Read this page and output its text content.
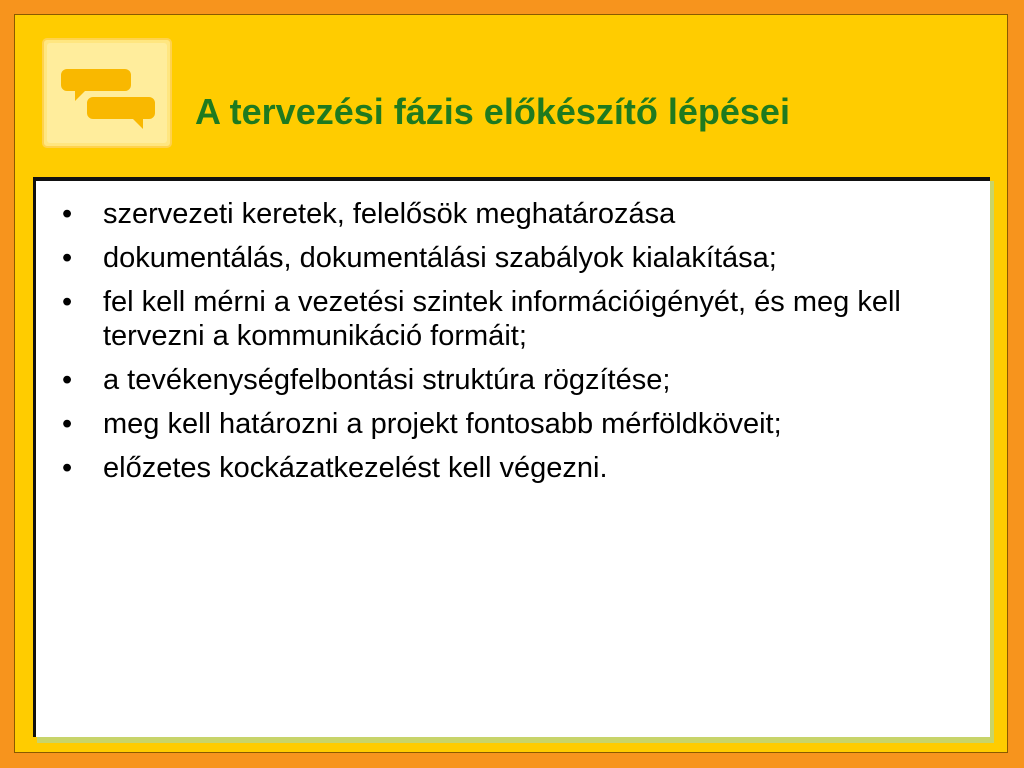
A tervezési fázis előkészítő lépései
• szervezeti keretek, felelősök meghatározása
• dokumentálás, dokumentálási szabályok kialakítása;
• fel kell mérni a vezetési szintek információigényét, és meg kell tervezni a kommunikáció formáit;
• a tevékenységfelbontási struktúra rögzítése;
• meg kell határozni a projekt fontosabb mérföldköveit;
• előzetes kockázatkezelést kell végezni.
